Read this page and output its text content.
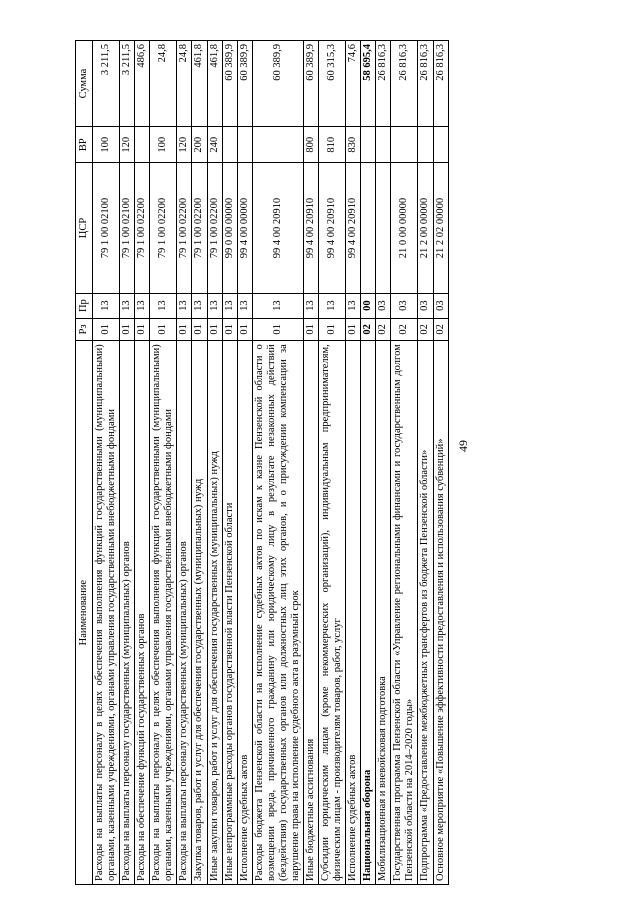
49
Наименование	Рз	Пр	ЦСР	ВР	Сумма
Расходы на выплаты персоналу в целях обеспечения выполнения функций государственными (муниципальными) органами, казенными учреждениями, органами управления государственными внебюджетными фондами	01	13	79 1 00 02100	100	3 211,5
Расходы на выплаты персоналу государственных (муниципальных) органов	01	13	79 1 00 02100	120	3 211,5
Расходы на обеспечение функций государственных органов	01	13	79 1 00 02200		486,6
Расходы на выплаты персоналу в целях обеспечения выполнения функций государственными (муниципальными) органами, казенными учреждениями, органами управления государственными внебюджетными фондами	01	13	79 1 00 02200	100	24,8
Расходы на выплаты персоналу государственных (муниципальных) органов	01	13	79 1 00 02200	120	24,8
Закупка товаров, работ и услуг для обеспечения государственных (муниципальных) нужд	01	13	79 1 00 02200	200	461,8
Иные закупки товаров, работ и услуг для обеспечения государственных (муниципальных) нужд	01	13	79 1 00 02200	240	461,8
Иные непрограммные расходы органов государственной власти Пензенской области	01	13	99 0 00 00000		60 389,9
Исполнение судебных актов	01	13	99 4 00 00000		60 389,9
Расходы бюджета Пензенской области на исполнение судебных актов по искам к казне Пензенской области о возмещении вреда, причиненного гражданину или юридическому лицу в результате незаконных действий (бездействия) государственных органов или должностных лиц этих органов, и о присуждении компенсации за нарушение права на исполнение судебного акта в разумный срок	01	13	99 4 00 20910		60 389,9
Иные бюджетные ассигнования	01	13	99 4 00 20910	800	60 389,9
Субсидии юридическим лицам (кроме некоммерческих организаций), индивидуальным предпринимателям, физическим лицам - производителям товаров, работ, услуг	01	13	99 4 00 20910	810	60 315,3
Исполнение судебных актов	01	13	99 4 00 20910	830	74,6
Национальная оборона	02	00			58 695,4
Мобилизационная и вневойсковая подготовка	02	03			26 816,3
Государственная программа Пензенской области «Управление региональными финансами и государственным долгом Пензенской области на 2014–2020 годы»	02	03	21 0 00 00000		26 816,3
Подпрограмма «Предоставление межбюджетных трансфертов из бюджета Пензенской области»	02	03	21 2 00 00000		26 816,3
Основное мероприятие «Повышение эффективности предоставления и использования субвенций»	02	03	21 2 02 00000		26 816,3
